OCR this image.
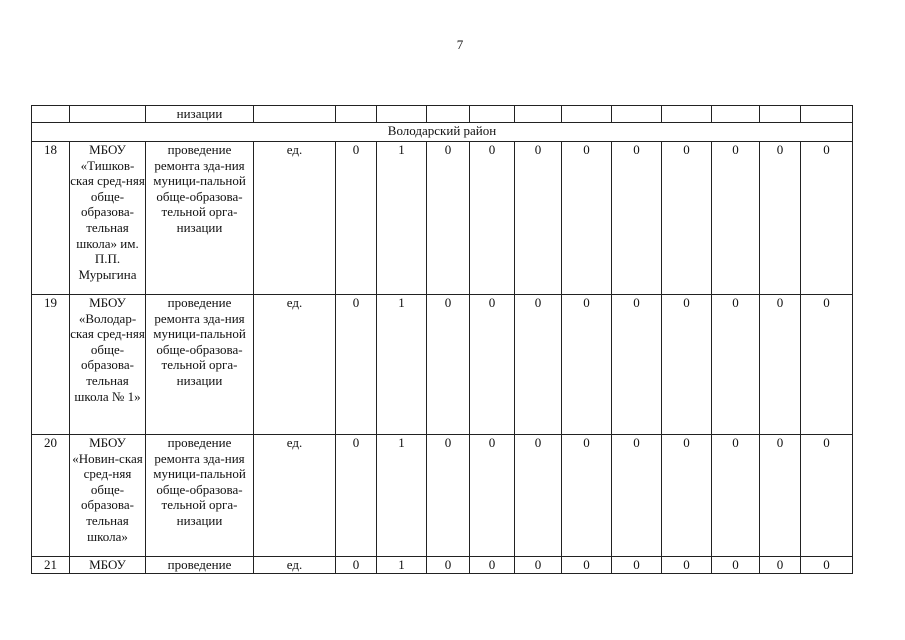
7
		низации												
Володарский район														
18	МБОУ «Тишков-ская сред-няя обще-образова-тельная школа» им. П.П. Мурыгина	проведение ремонта зда-ния муници-пальной обще-образова-тельной орга-низации	ед.	0	1	0	0	0	0	0	0	0	0	0
19	МБОУ «Володар-ская сред-няя обще-образова-тельная школа № 1»	проведение ремонта зда-ния муници-пальной обще-образова-тельной орга-низации	ед.	0	1	0	0	0	0	0	0	0	0	0
20	МБОУ «Новин-ская сред-няя обще-образова-тельная школа»	проведение ремонта зда-ния муници-пальной обще-образова-тельной орга-низации	ед.	0	1	0	0	0	0	0	0	0	0	0
21	МБОУ	проведение	ед.	0	1	0	0	0	0	0	0	0	0	0
